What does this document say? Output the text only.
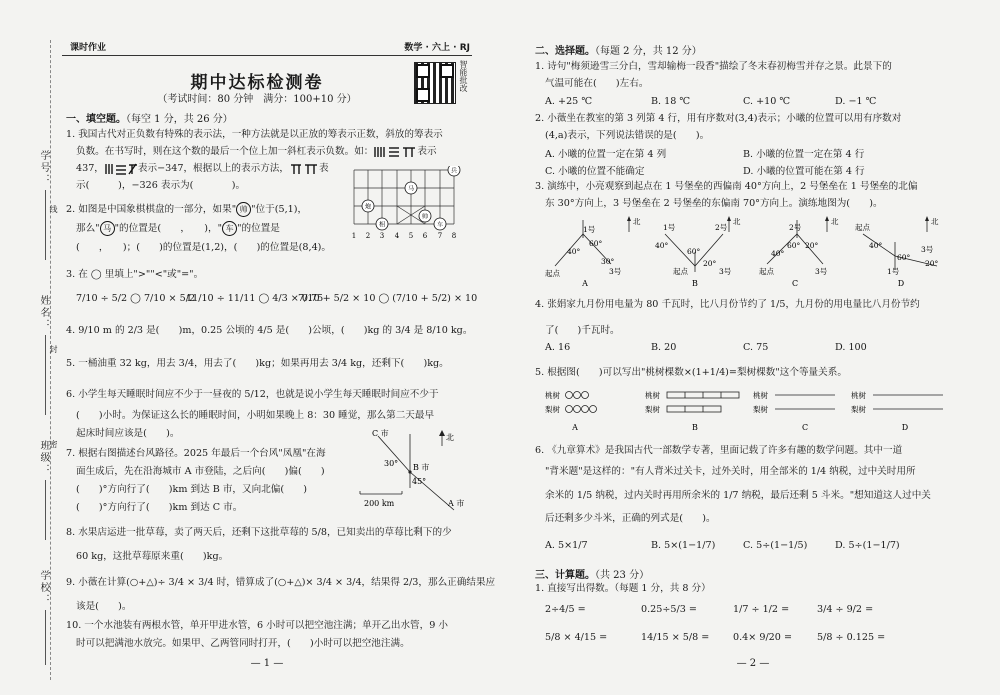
学号：
线
姓名：
封
班级： 密
学校：
课时作业	数学 · 六上 · RJ
期中达标检测卷
（考试时间：80 分钟　满分：100+10 分）
智能批改
一、填空题。（每空 1 分，共 26 分）
1. 我国古代对正负数有特殊的表示法，一种方法就是以正放的筹表示正数，斜放的筹表示
负数。在书写时，则在这个数的最后一个位上加一斜杠表示负数。如：	表示
437，	表示−347，根据以上的表示方法，	表
示(　　　)，−326 表示为(　　　　)。
2. 如图是中国象棋棋盘的一部分，如果" 帅 "位于(5,1)，
那么" 马 "的位置是(　　，　　)，" 车 "的位置是
(　　，　　)；(　　)的位置是(1,2)，(　　)的位置是(8,4)。
兵
马
炮
帅
相	车
1 2 3 4 5 6 7 8
3. 在 ◯ 里填上">""<"或"="。
7/10 ÷ 5/2 ◯ 7/10 × 5/2
11/10 ÷ 11/11 ◯ 4/3 × 0.75
7/10 + 5/2 × 10 ◯ (7/10 + 5/2) × 10
4. 9/10 m 的 2/3 是(　　)m，0.25 公顷的 4/5 是(　　)公顷，(　　)kg 的 3/4 是 8/10 kg。
5. 一桶油重 32 kg，用去 3/4，用去了(　　)kg；如果再用去 3/4 kg，还剩下(　　)kg。
6. 小学生每天睡眠时间应不少于一昼夜的 5/12，也就是说小学生每天睡眠时间应不少于
(　　)小时。为保证这么长的睡眠时间，小明如果晚上 8：30 睡觉，那么第二天最早
起床时间应该是(　　)。
7. 根据右图描述台风路径。2025 年最后一个台风"凤凰"在海
面生成后，先在沿海城市 A 市登陆，之后向(　　)偏(　　)
(　　)°方向行了(　　)km 到达 B 市，又向北偏(　　)
(　　)°方向行了(　　)km 到达 C 市。
C 市
B 市
A 市
北
30°
45°
200 km
8. 水果店运进一批草莓，卖了两天后，还剩下这批草莓的 5/8，已知卖出的草莓比剩下的少
60 kg，这批草莓原来重(　　)kg。
9. 小薇在计算(○+△)÷ 3/4 × 3/4 时，错算成了(○+△)× 3/4 × 3/4，结果得 2/3，那么正确结果应
该是(　　)。
10. 一个水池装有两根水管，单开甲进水管，6 小时可以把空池注满；单开乙出水管，9 小
时可以把满池水放完。如果甲、乙两管同时打开，(　　)小时可以把空池注满。
— 1 —
二、选择题。（每题 2 分，共 12 分）
1. 诗句"梅须逊雪三分白，雪却输梅一段香"描绘了冬末春初梅雪并存之景。此景下的
气温可能在(　　)左右。
A. +25 ℃	B. 18 ℃	C. +10 ℃	D. −1 ℃
2. 小薇坐在教室的第 3 列第 4 行，用有序数对(3,4)表示；小曦的位置可以用有序数对
(4,a)表示，下列说法错误的是(　　)。
A. 小曦的位置一定在第 4 列	B. 小曦的位置一定在第 4 行
C. 小曦的位置不能确定	D. 小曦的位置可能在第 4 行
3. 演练中，小亮观察到起点在 1 号堡垒的西偏南 40°方向上，2 号堡垒在 1 号堡垒的北偏
东 30°方向上，3 号堡垒在 2 号堡垒的东偏南 70°方向上。演练地图为(　　)。
1号
起点	3号
40°
60°
30°
北
1号
起点
2号
3号
40°
60°
20°
北
2号
起点	3号
40°
60° 20°
北
起点
3号
1号
40°
60°
20°
北
A	B	C	D
4. 张娟家九月份用电量为 80 千瓦时，比八月份节约了 1/5，九月份的用电量比八月份节约
了(　　)千瓦时。
A. 16	B. 20	C. 75	D. 100
5. 根据图(　　)可以写出"桃树棵数×(1+1/4)=梨树棵数"这个等量关系。
桃树
梨树
桃树
梨树
桃树
梨树
桃树
梨树
A	B	C	D
6. 《九章算术》是我国古代一部数学专著，里面记载了许多有趣的数学问题。其中一道
"背米题"是这样的："有人背米过关卡，过外关时，用全部米的 1/4 纳税，过中关时用所
余米的 1/5 纳税，过内关时再用所余米的 1/7 纳税，最后还剩 5 斗米。"想知道这人过中关
后还剩多少斗米，正确的列式是(　　)。
A. 5×1/7	B. 5×(1−1/7)	C. 5÷(1−1/5)	D. 5÷(1−1/7)
三、计算题。（共 23 分）
1. 直接写出得数。（每题 1 分，共 8 分）
2÷4/5 =	0.25÷5/3 =	1/7 ÷ 1/2 =	3/4 ÷ 9/2 =
5/8 × 4/15 =	14/15 × 5/8 = 0.4× 9/20 =	5/8 ÷ 0.125 =
— 2 —
